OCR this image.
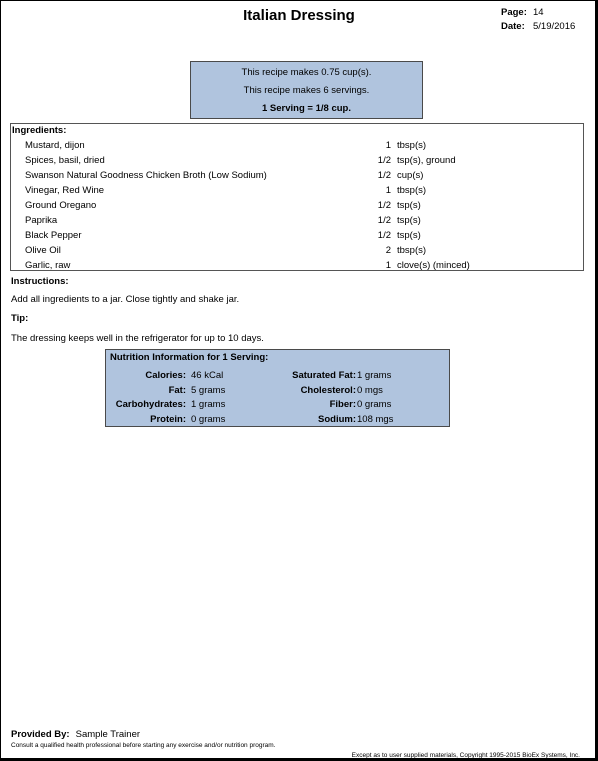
Italian Dressing	Page: 14
Date: 5/19/2016
This recipe makes 0.75 cup(s).
This recipe makes 6 servings.
1 Serving = 1/8 cup.
Ingredients:
Mustard, dijon	1 tbsp(s)
Spices, basil, dried	1/2 tsp(s), ground
Swanson Natural Goodness Chicken Broth (Low Sodium)	1/2 cup(s)
Vinegar, Red Wine	1 tbsp(s)
Ground Oregano	1/2 tsp(s)
Paprika	1/2 tsp(s)
Black Pepper	1/2 tsp(s)
Olive Oil	2 tbsp(s)
Garlic, raw	1 clove(s) (minced)
Instructions:
Add all ingredients to a jar. Close tightly and shake jar.
Tip:
The dressing keeps well in the refrigerator for up to 10 days.
Nutrition Information for 1 Serving:
Calories: 46 kCal	Saturated Fat: 1 grams
Fat: 5 grams	Cholesterol: 0 mgs
Carbohydrates: 1 grams	Fiber: 0 grams
Protein: 0 grams	Sodium: 108 mgs
Provided By: Sample Trainer
Consult a qualified health professional before starting any exercise and/or nutrition program.
Except as to user supplied materials, Copyright 1995-2015 BioEx Systems, Inc.
